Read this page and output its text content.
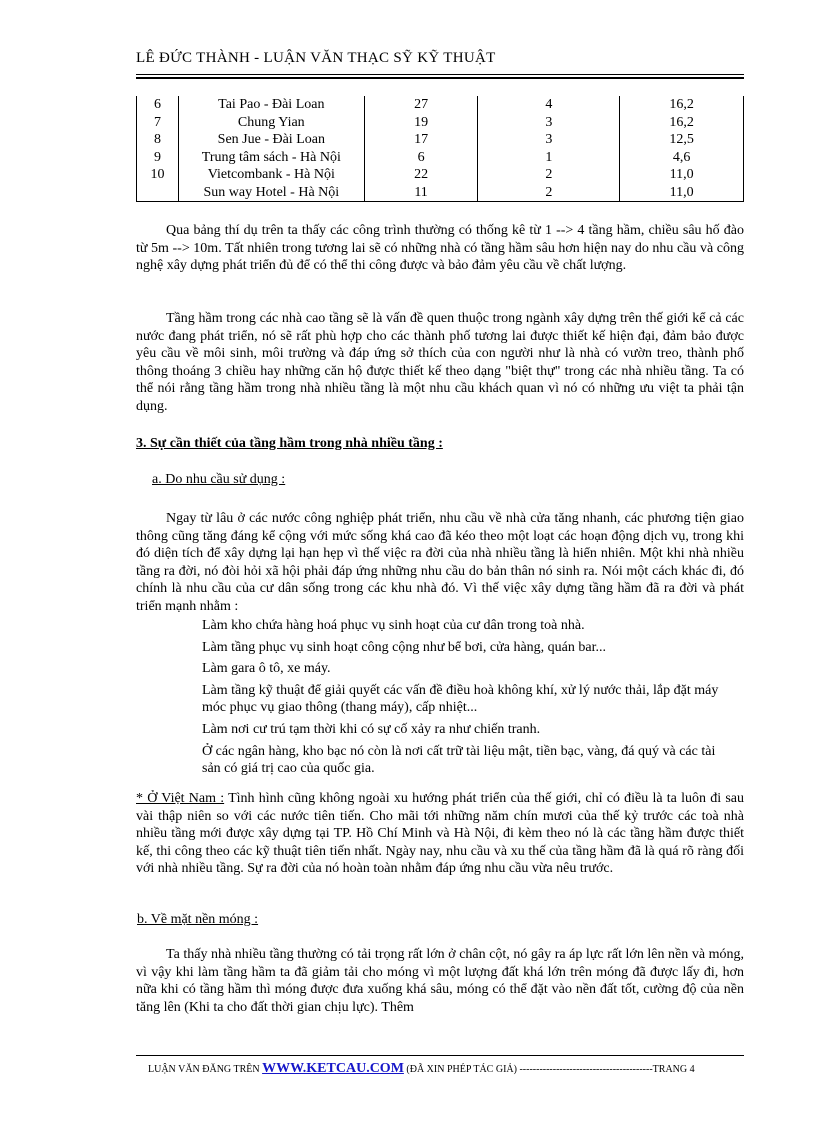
LÊ ĐỨC THÀNH - LUẬN VĂN THẠC SỸ KỸ THUẬT
6	Tai Pao - Đài Loan	27	4	16,2
7	Chung Yian	19	3	16,2
8	Sen Jue - Đài Loan	17	3	12,5
9	Trung tâm sách - Hà Nội	6	1	4,6
10	Vietcombank - Hà Nội	22	2	11,0
	Sun way Hotel - Hà Nội	11	2	11,0

Qua bảng thí dụ trên ta thấy các công trình thường có thống kê từ 1 --> 4 tầng hầm, chiều sâu hố đào từ 5m --> 10m. Tất nhiên trong tương lai sẽ có những nhà có tầng hầm sâu hơn hiện nay do nhu cầu và công nghệ xây dựng phát triển đủ để có thể thi công được và bảo đảm yêu cầu về chất lượng.

Tầng hầm trong các nhà cao tầng sẽ là vấn đề quen thuộc trong ngành xây dựng trên thế giới kể cả các nước đang phát triển, nó sẽ rất phù hợp cho các thành phố tương lai được thiết kế hiện đại, đảm bảo được yêu cầu về môi sinh, môi trường và đáp ứng sở thích của con người như là nhà có vườn treo, thành phố thông thoáng 3 chiều hay những căn hộ được thiết kế theo dạng "biệt thự" trong các nhà nhiều tầng. Ta có thể nói rằng tầng hầm trong nhà nhiều tầng là một nhu cầu khách quan vì nó có những ưu việt ta phải tận dụng.

3. Sự cần thiết của tầng hầm trong nhà nhiều tầng :
a. Do nhu cầu sử dụng :

Ngay từ lâu ở các nước công nghiệp phát triển, nhu cầu về nhà cửa tăng nhanh, các phương tiện giao thông cũng tăng đáng kể cộng với mức sống khá cao đã kéo theo một loạt các hoạn động dịch vụ, trong khi đó diện tích để xây dựng lại hạn hẹp vì thế việc ra đời của nhà nhiều tầng là hiển nhiên. Một khi nhà nhiều tầng ra đời, nó đòi hỏi xã hội phải đáp ứng những nhu cầu do bản thân nó sinh ra. Nói một cách khác đi, đó chính là nhu cầu của cư dân sống trong các khu nhà đó. Vì thế việc xây dựng tầng hầm đã ra đời và phát triển mạnh nhằm :

Làm kho chứa hàng hoá phục vụ sinh hoạt của cư dân trong toà nhà.
Làm tầng phục vụ sinh hoạt công cộng như bể bơi, cửa hàng, quán bar...
Làm gara ô tô, xe máy.
Làm tầng kỹ thuật để giải quyết các vấn đề điều hoà không khí, xử lý nước thải, lắp đặt máy móc phục vụ giao thông (thang máy), cấp nhiệt...
Làm nơi cư trú tạm thời khi có sự cố xảy ra như chiến tranh.
Ở các ngân hàng, kho bạc nó còn là nơi cất trữ tài liệu mật, tiền bạc, vàng, đá quý và các tài sản có giá trị cao của quốc gia.

* Ở Việt Nam : Tình hình cũng không ngoài xu hướng phát triển của thế giới, chỉ có điều là ta luôn đi sau vài thập niên so với các nước tiên tiến. Cho mãi tới những năm chín mươi của thế kỷ trước các toà nhà nhiều tầng mới được xây dựng tại TP. Hồ Chí Minh và Hà Nội, đi kèm theo nó là các tầng hầm được thiết kế, thi công theo các kỹ thuật tiên tiến nhất. Ngày nay, nhu cầu và xu thế của tầng hầm đã là quá rõ ràng đối với nhà nhiều tầng. Sự ra đời của nó hoàn toàn nhằm đáp ứng nhu cầu vừa nêu trước.

b. Về mặt nền móng :

Ta thấy nhà nhiều tầng thường có tải trọng rất lớn ở chân cột, nó gây ra áp lực rất lớn lên nền và móng, vì vậy khi làm tầng hầm ta đã giảm tải cho móng vì một lượng đất khá lớn trên móng đã được lấy đi, hơn nữa khi có tầng hầm thì móng được đưa xuống khá sâu, móng có thể đặt vào nền đất tốt, cường độ của nền tăng lên (Khi ta cho đất thời gian chịu lực). Thêm

LUẬN VĂN ĐĂNG TRÊN WWW.KETCAU.COM (ĐÃ XIN PHÉP TÁC GIẢ) ----------------------------------------TRANG 4
